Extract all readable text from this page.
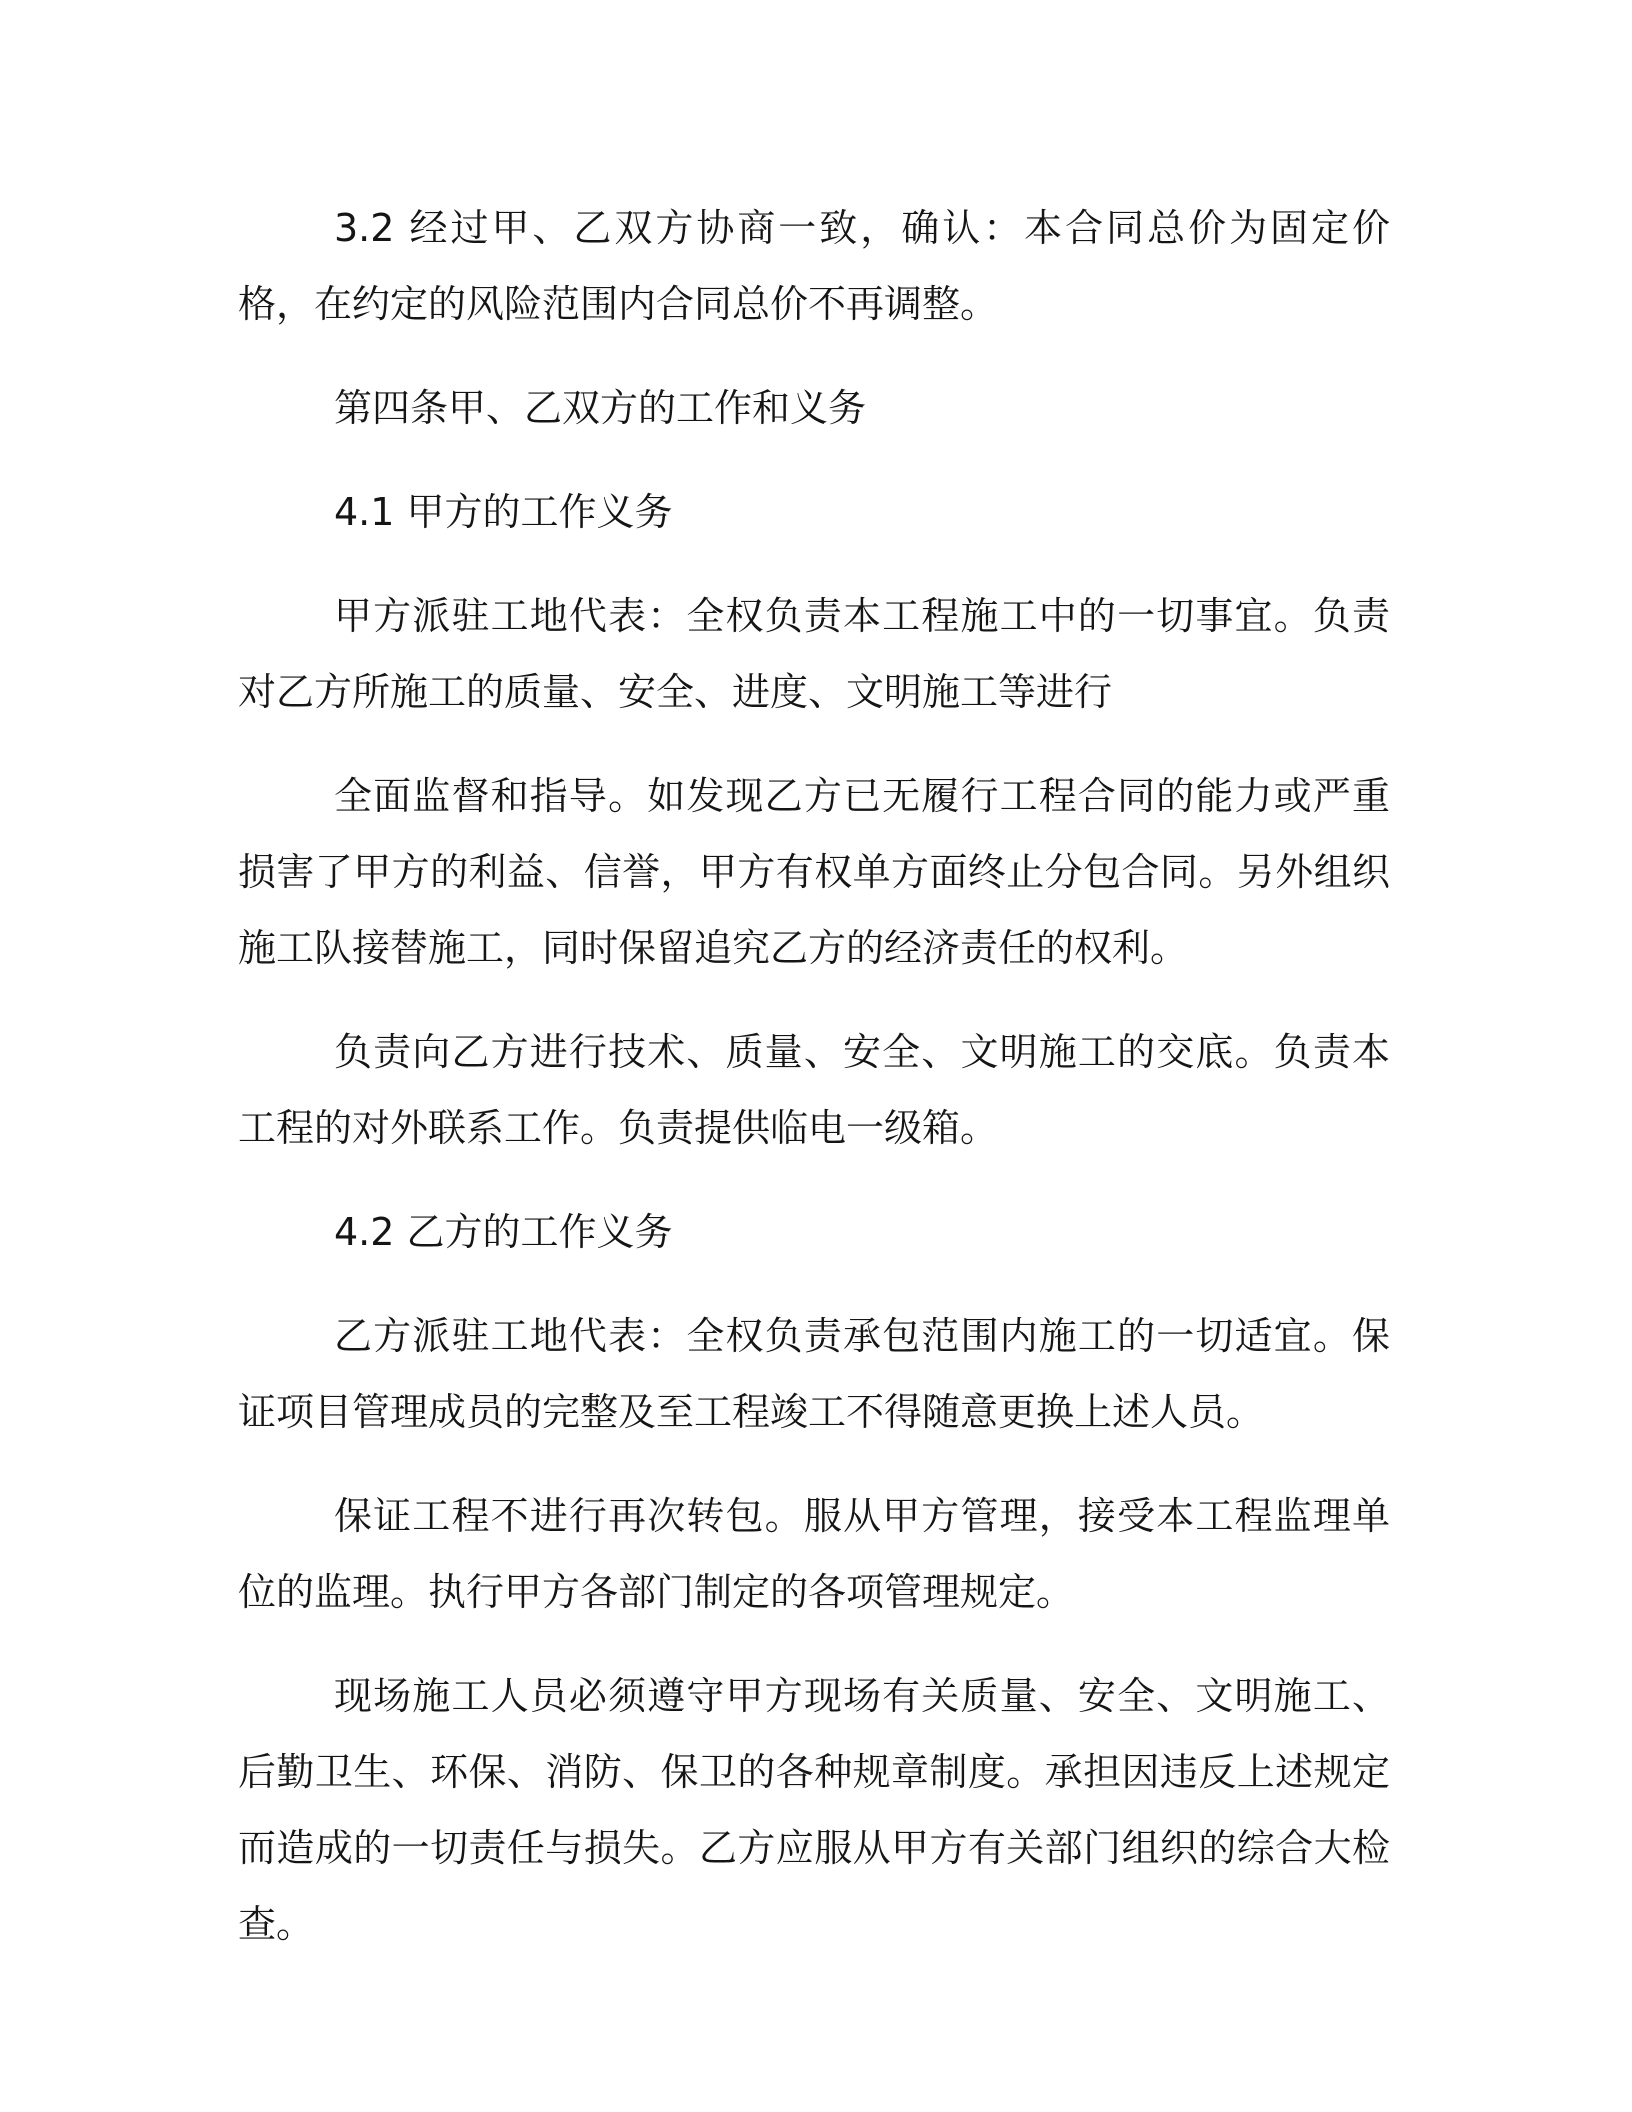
3.2 经过甲、乙双方协商一致，确认：本合同总价为固定价格，在约定的风险范围内合同总价不再调整。

第四条甲、乙双方的工作和义务

4.1 甲方的工作义务

甲方派驻工地代表：全权负责本工程施工中的一切事宜。负责对乙方所施工的质量、安全、进度、文明施工等进行

全面监督和指导。如发现乙方已无履行工程合同的能力或严重损害了甲方的利益、信誉，甲方有权单方面终止分包合同。另外组织施工队接替施工，同时保留追究乙方的经济责任的权利。

负责向乙方进行技术、质量、安全、文明施工的交底。负责本工程的对外联系工作。负责提供临电一级箱。

4.2 乙方的工作义务

乙方派驻工地代表：全权负责承包范围内施工的一切适宜。保证项目管理成员的完整及至工程竣工不得随意更换上述人员。

保证工程不进行再次转包。服从甲方管理，接受本工程监理单位的监理。执行甲方各部门制定的各项管理规定。

现场施工人员必须遵守甲方现场有关质量、安全、文明施工、后勤卫生、环保、消防、保卫的各种规章制度。承担因违反上述规定而造成的一切责任与损失。乙方应服从甲方有关部门组织的综合大检查。
